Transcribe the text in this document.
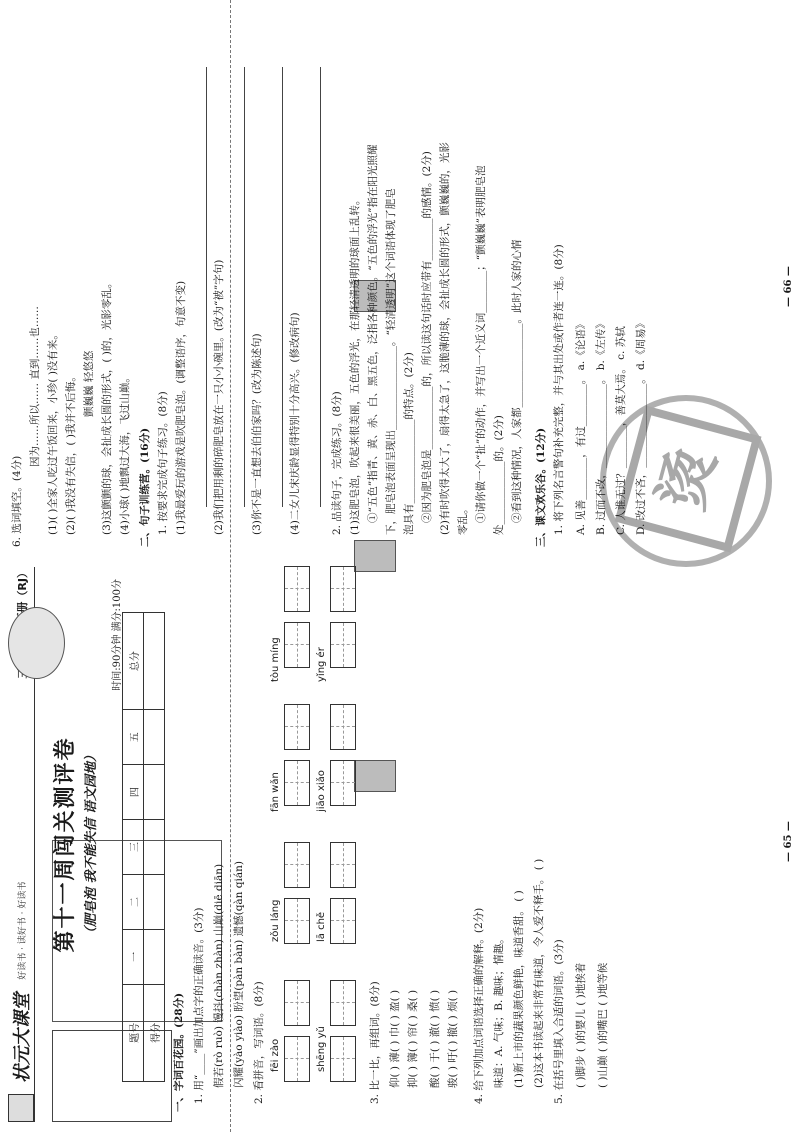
状元大课堂 好读书 · 读好书 · 好读书 第十一周闯关测评卷 （肥皂泡 我不能失信 语文园地）
时间:90分钟 满分:100分
题号	一	二	三	四	五	总分
得分						一、字词百花园。(28分) 1. 用“____”画出加点字的正确读音。(3分) 假若(rò ruò) 馒抖(chàn zhàn) 山巅(diē diān) 闪耀(yào yiào) 盼望(pàn bàn) 遗憾(qàn qián) 2. 看拼音，写词语。(8分) fēi zào
zǒu láng
fān wǎn
tòu míng
shēng yǔ
lā chě
jiāo xiǎo
yǐng ér
3. 比一比，再组词。(8分) 仰( ) 薄( ) 巾( ) 盈( ) 抑( ) 簿( ) 帘( ) 桑( ) 酸( ) 于( ) 澈( ) 愤( ) 骏( ) 吁( ) 撤( ) 烦( ) 4. 给下列加点词语选择正确的解释。(2分) 味道：A. 气味；B. 趣味；情趣。 (1)新上市的蔬果颜色鲜艳，味道香甜。 ( ) (2)这本书读起来非常有味道，令人爱不释手。 ( ) 5. 在括号里填入合适的词语。(3分) ( )脚步 ( )的婴儿 ( )地挨着 ( )山巅 ( )的嘴巴 ( )地等候
— 65 —
烫
6. 选词填空。(4分)
因为……所以…… 直到……也…… (1)( )全家人吃过午饭回来，小珍( )没有来。 (2)( )我没有失信，( )我并不后悔。 颤巍巍 轻悠悠 (3)这颤颤的球，会扯成长圆的形式，( )的，光影零乱。 (4)小球( )地飘过大海，飞过山巅。 二、句子训练营。(16分) 1. 按要求完成句子练习。(8分) (1)我最爱玩的游戏是吹肥皂泡。(调整语序，句意不变) (2)我们把用剩的碎肥皂放在一只小小碗里。(改为“被”字句) (3)你不是一直想去伯伯家吗？(改为陈述句) (4)二女儿宋庆龄显得特别十分高兴。(修改病句)	2. 品读句子，完成练习。(8分) (1)这肥皂泡，吹起来很美丽，五色的浮光，在那轻清透明的球面上乱转。 ①“五色”指青、黄、赤、白、黑五色，泛指各种颜色。“五色的浮光”指在阳光照耀 下，肥皂泡表面呈现出________________。“轻清透明”这个词语体现了肥皂 泡具有________________的特点。(2分) ②因为肥皂泡是____________的，所以读这句话时应带有________的感情。(2分) (2)有时吹得太大了，扇得太急了，这脆薄的球，会扯成长圆的形式，颤巍巍的，光影 零乱。 ①请你做一个“扯”的动作，并写出一个近义词________；“颤巍巍”表明肥皂泡 处____________的。(2分) ②看到这种情况，人家都________________。此时人家的心情 三、课文欢乐谷。(12分) 1. 将下列名言警句补充完整，并与其出处或作者连一连。(8分) A. 见善________，有过________。 a.《论语》 B. 过而不改，________________。 b.《左传》 C. 人谁无过？________，善莫大焉。 c. 苏轼 D. 改过不吝，________________。 d.《周易》
— 66 —
